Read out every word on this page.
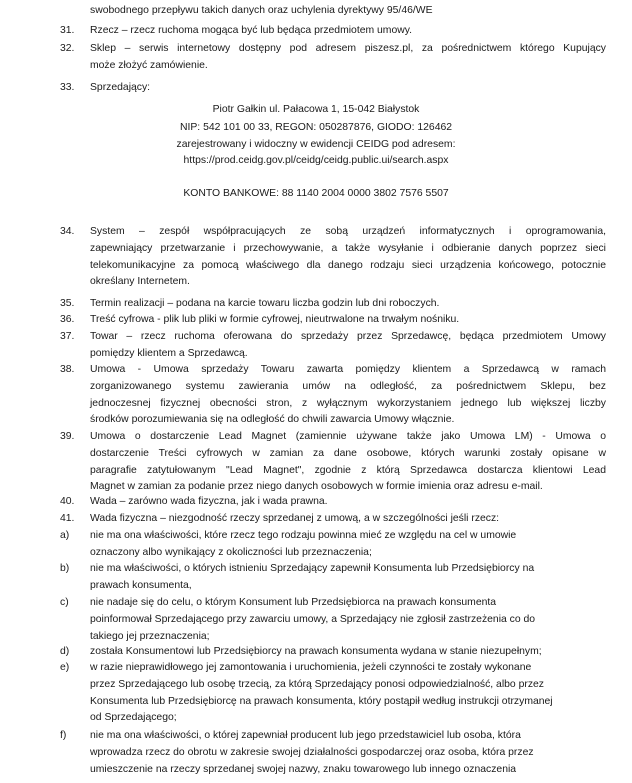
swobodnego przepływu takich danych oraz uchylenia dyrektywy 95/46/WE
31. Rzecz – rzecz ruchoma mogąca być lub będąca przedmiotem umowy.
32. Sklep – serwis internetowy dostępny pod adresem piszesz.pl, za pośrednictwem którego Kupujący
może złożyć zamówienie.
33. Sprzedający:
34. System – zespół współpracujących ze sobą urządzeń informatycznych i oprogramowania,
zapewniający przetwarzanie i przechowywanie, a także wysyłanie i odbieranie danych poprzez sieci
telekomunikacyjne za pomocą właściwego dla danego rodzaju sieci urządzenia końcowego, potocznie
określany Internetem.
35. Termin realizacji – podana na karcie towaru liczba godzin lub dni roboczych.
36. Treść cyfrowa - plik lub pliki w formie cyfrowej, nieutrwalone na trwałym nośniku.
37. Towar – rzecz ruchoma oferowana do sprzedaży przez Sprzedawcę, będąca przedmiotem Umowy
pomiędzy klientem a Sprzedawcą.
38. Umowa - Umowa sprzedaży Towaru zawarta pomiędzy klientem a Sprzedawcą w ramach
zorganizowanego systemu zawierania umów na odległość, za pośrednictwem Sklepu, bez
jednoczesnej fizycznej obecności stron, z wyłącznym wykorzystaniem jednego lub większej liczby
środków porozumiewania się na odległość do chwili zawarcia Umowy włącznie.
39. Umowa o dostarczenie Lead Magnet (zamiennie używane także jako Umowa LM) - Umowa o
dostarczenie Treści cyfrowych w zamian za dane osobowe, których warunki zostały opisane w
paragrafie zatytułowanym "Lead Magnet", zgodnie z którą Sprzedawca dostarcza klientowi Lead
Magnet w zamian za podanie przez niego danych osobowych w formie imienia oraz adresu e-mail.
40. Wada – zarówno wada fizyczna, jak i wada prawna.
41. Wada fizyczna – niezgodność rzeczy sprzedanej z umową, a w szczególności jeśli rzecz:
a) nie ma ona właściwości, które rzecz tego rodzaju powinna mieć ze względu na cel w umowie
oznaczony albo wynikający z okoliczności lub przeznaczenia;
b) nie ma właściwości, o których istnieniu Sprzedający zapewnił Konsumenta lub Przedsiębiorcy na
prawach konsumenta,
c) nie nadaje się do celu, o którym Konsument lub Przedsiębiorca na prawach konsumenta
poinformował Sprzedającego przy zawarciu umowy, a Sprzedający nie zgłosił zastrzeżenia co do
takiego jej przeznaczenia;
d) została Konsumentowi lub Przedsiębiorcy na prawach konsumenta wydana w stanie niezupełnym;
e) w razie nieprawidłowego jej zamontowania i uruchomienia, jeżeli czynności te zostały wykonane
przez Sprzedającego lub osobę trzecią, za którą Sprzedający ponosi odpowiedzialność, albo przez
Konsumenta lub Przedsiębiorcę na prawach konsumenta, który postąpił według instrukcji otrzymanej
od Sprzedającego;
f) nie ma ona właściwości, o której zapewniał producent lub jego przedstawiciel lub osoba, która
wprowadza rzecz do obrotu w zakresie swojej działalności gospodarczej oraz osoba, która przez
umieszczenie na rzeczy sprzedanej swojej nazwy, znaku towarowego lub innego oznaczenia
Piotr Gałkin ul. Pałacowa 1, 15-042 Białystok
NIP: 542 101 00 33, REGON: 050287876, GIODO: 126462
zarejestrowany i widoczny w ewidencji CEIDG pod adresem:
https://prod.ceidg.gov.pl/ceidg/ceidg.public.ui/search.aspx
KONTO BANKOWE: 88 1140 2004 0000 3802 7576 5507
